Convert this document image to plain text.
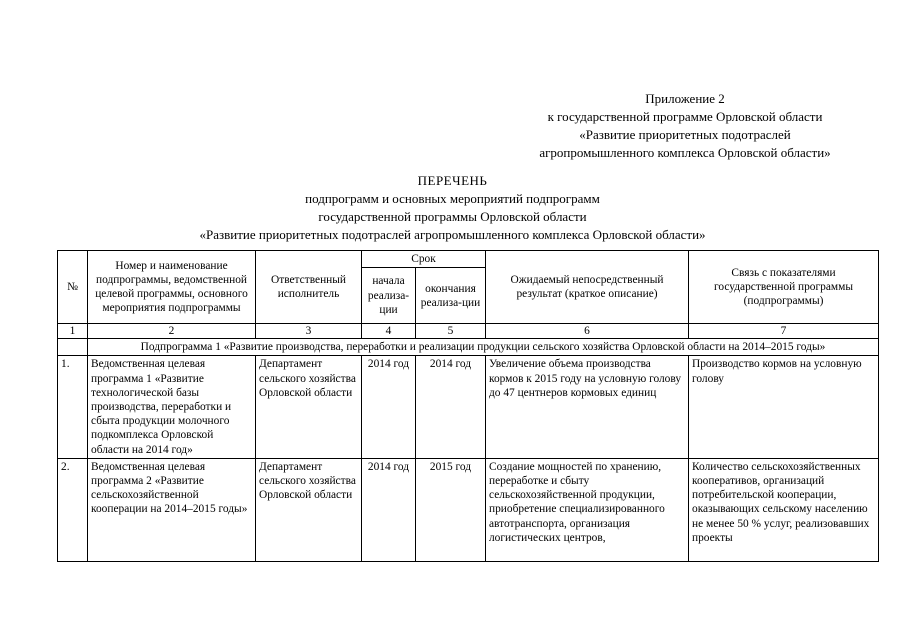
Приложение 2
к государственной программе Орловской области
«Развитие приоритетных подотраслей
агропромышленного комплекса Орловской области»
ПЕРЕЧЕНЬ
подпрограмм и основных мероприятий подпрограмм
государственной программы Орловской области
«Развитие приоритетных подотраслей агропромышленного комплекса Орловской области»
№	Номер и наименование подпрограммы, ведомственной целевой программы, основного мероприятия подпрограммы	Ответственный исполнитель	Срок		Ожидаемый непосредственный результат (краткое описание)	Связь с показателями государственной программы (подпрограммы)
			начала реализа-ции	окончания реализа-ции		
1	2	3	4	5	6	7
	Подпрограмма 1 «Развитие производства, переработки и реализации продукции сельского хозяйства Орловской области на 2014–2015 годы»					
1.	Ведомственная целевая программа 1 «Развитие технологической базы производства, переработки и сбыта продукции молочного подкомплекса Орловской области на 2014 год»	Департамент сельского хозяйства Орловской области	2014 год	2014 год	Увеличение объема производства кормов к 2015 году на условную голову до 47 центнеров кормовых единиц	Производство кормов на условную голову
2.	Ведомственная целевая программа 2 «Развитие сельскохозяйственной кооперации на 2014–2015 годы»	Департамент сельского хозяйства Орловской области	2014 год	2015 год	Создание мощностей по хранению, переработке и сбыту сельскохозяйственной продукции, приобретение специализированного автотранспорта, организация логистических центров,	Количество сельскохозяйственных кооперативов, организаций потребительской кооперации, оказывающих сельскому населению не менее 50 % услуг, реализовавших проекты
